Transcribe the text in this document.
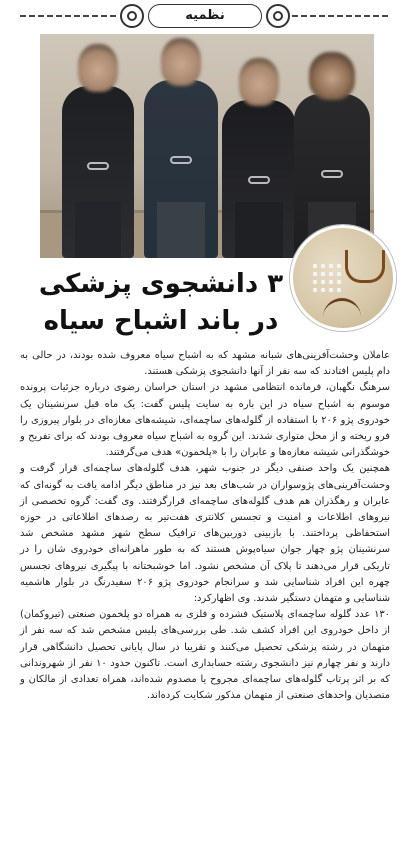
نظمیه
۳ دانشجوی پزشکی در باند اشباح سیاه

عاملان وحشت‌آفرینی‌های شبانه مشهد که به اشباح سیاه معروف شده بودند، در حالی به دام پلیس افتادند که سه نفر از آنها دانشجوی پزشکی هستند.

سرهنگ نگهبان، فرمانده انتظامی مشهد در استان خراسان رضوی درباره جزئیات پرونده موسوم به اشباح سیاه در این باره به سایت پلیس گفت: یک ماه قبل سرنشینان یک خودروی پژو ۲۰۶ با استفاده از گلوله‌های ساچمه‌ای، شیشه‌های مغازه‌ای در بلوار پیروزی را فرو ریخته و از محل متواری شدند. این گروه به اشباح سیاه معروف بودند که برای تفریح و خوشگذرانی شیشه مغازه‌ها و عابران را با «پلخمون» هدف می‌گرفتند.

همچنین یک واحد صنفی دیگر در جنوب شهر، هدف گلوله‌های ساچمه‌ای قرار گرفت و وحشت‌آفرینی‌های پژوسواران در شب‌های بعد نیز در مناطق دیگر ادامه یافت به گونه‌ای که عابران و رهگذران هم هدف گلوله‌های ساچمه‌ای قرارگرفتند. وی گفت: گروه تخصصی از نیروهای اطلاعات و امنیت و تجسس کلانتری هفت‌تیر به رصدهای اطلاعاتی در حوزه استحفاظی پرداختند. با بازبینی دوربین‌های ترافیک سطح شهر مشهد مشخص شد سرنشینان پژو چهار جوان سیاه‌پوش هستند که به طور ماهرانه‌ای خودروی شان را در تاریکی قرار می‌دهند تا پلاک آن مشخص نشود. اما خوشبختانه با پیگیری نیروهای تجسس چهره این افراد شناسایی شد و سرانجام خودروی پژو ۲۰۶ سفیدرنگ در بلوار هاشمیه شناسایی و متهمان دستگیر شدند. وی اظهارکرد:

۱۳۰ عدد گلوله ساچمه‌ای پلاستیک فشرده و فلزی به همراه دو پلخمون صنعتی (تیروکمان) از داخل خودروی این افراد کشف شد. طی بررسی‌های پلیس مشخص شد که سه نفر از متهمان در رشته پزشکی تحصیل می‌کنند و تقریبا در سال پایانی تحصیل دانشگاهی قرار دارند و نفر چهارم نیز دانشجوی رشته حسابداری است. تاکنون حدود ۱۰ نفر از شهروندانی که بر اثر پرتاب گلوله‌های ساچمه‌ای مجروح یا مصدوم شده‌اند، همراه تعدادی از مالکان و متصدیان واحدهای صنعتی از متهمان مذکور شکایت کرده‌اند.
